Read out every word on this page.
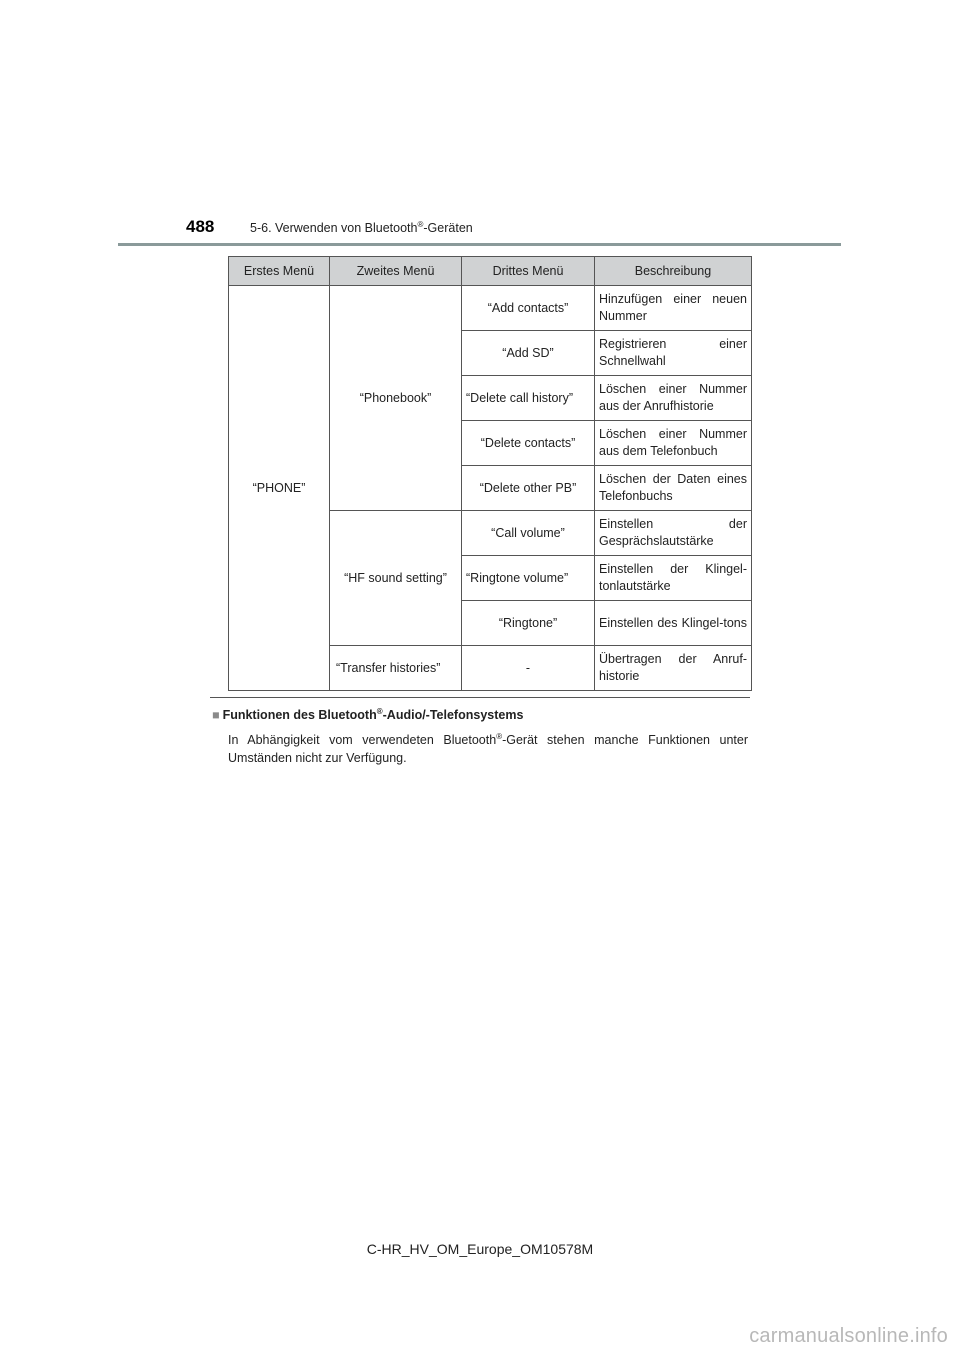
488	5-6. Verwenden von Bluetooth®-Geräten
Erstes Menü	Zweites Menü	Drittes Menü	Beschreibung
“PHONE”	“Phonebook”	“Add contacts”	Hinzufügen einer neuen Nummer
		“Add SD”	Registrieren einer Schnellwahl
		“Delete call history”	Löschen einer Nummer aus der Anrufhistorie
		“Delete contacts”	Löschen einer Nummer aus dem Telefonbuch
		“Delete other PB”	Löschen der Daten eines Telefonbuchs
	“HF sound setting”	“Call volume”	Einstellen der Gesprächslautstärke
		“Ringtone volume”	Einstellen der Klingel-tonlautstärke
		“Ringtone”	Einstellen des Klingel-tons
	“Transfer histories”	-	Übertragen der Anruf-historie
■ Funktionen des Bluetooth®-Audio/-Telefonsystems
In Abhängigkeit vom verwendeten Bluetooth®-Gerät stehen manche Funktionen unter Umständen nicht zur Verfügung.
C-HR_HV_OM_Europe_OM10578M
carmanualsonline.info
